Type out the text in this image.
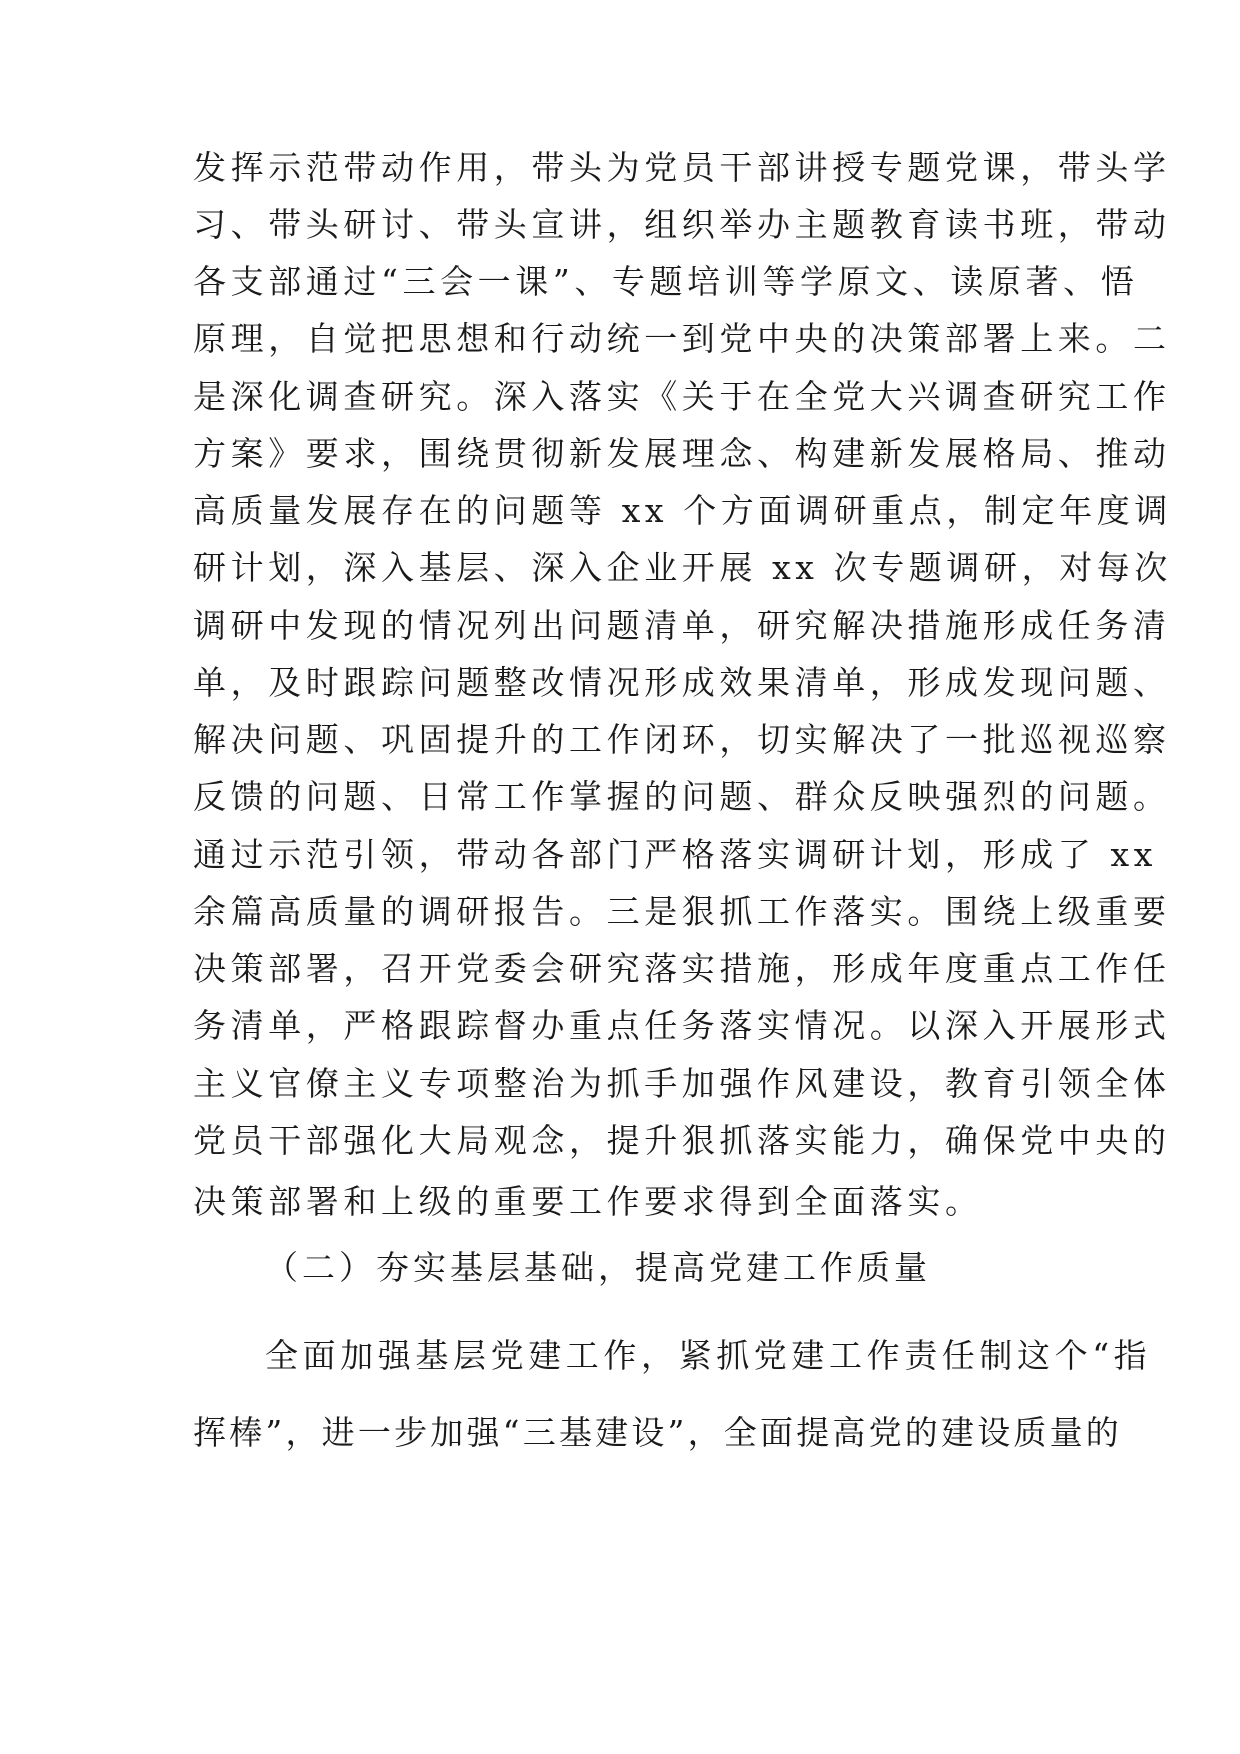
发挥示范带动作用，带头为党员干部讲授专题党课，带头学
习、带头研讨、带头宣讲，组织举办主题教育读书班，带动
各支部通过“三会一课”、专题培训等学原文、读原著、悟
原理，自觉把思想和行动统一到党中央的决策部署上来。二
是深化调查研究。深入落实《关于在全党大兴调查研究工作
方案》要求，围绕贯彻新发展理念、构建新发展格局、推动
高质量发展存在的问题等 xx 个方面调研重点，制定年度调
研计划，深入基层、深入企业开展 xx 次专题调研，对每次
调研中发现的情况列出问题清单，研究解决措施形成任务清
单，及时跟踪问题整改情况形成效果清单，形成发现问题、
解决问题、巩固提升的工作闭环，切实解决了一批巡视巡察
反馈的问题、日常工作掌握的问题、群众反映强烈的问题。
通过示范引领，带动各部门严格落实调研计划，形成了 xx
余篇高质量的调研报告。三是狠抓工作落实。围绕上级重要
决策部署，召开党委会研究落实措施，形成年度重点工作任
务清单，严格跟踪督办重点任务落实情况。以深入开展形式
主义官僚主义专项整治为抓手加强作风建设，教育引领全体
党员干部强化大局观念，提升狠抓落实能力，确保党中央的
决策部署和上级的重要工作要求得到全面落实。
（二）夯实基层基础，提高党建工作质量
全面加强基层党建工作，紧抓党建工作责任制这个“指
挥棒”，进一步加强“三基建设”，全面提高党的建设质量的
